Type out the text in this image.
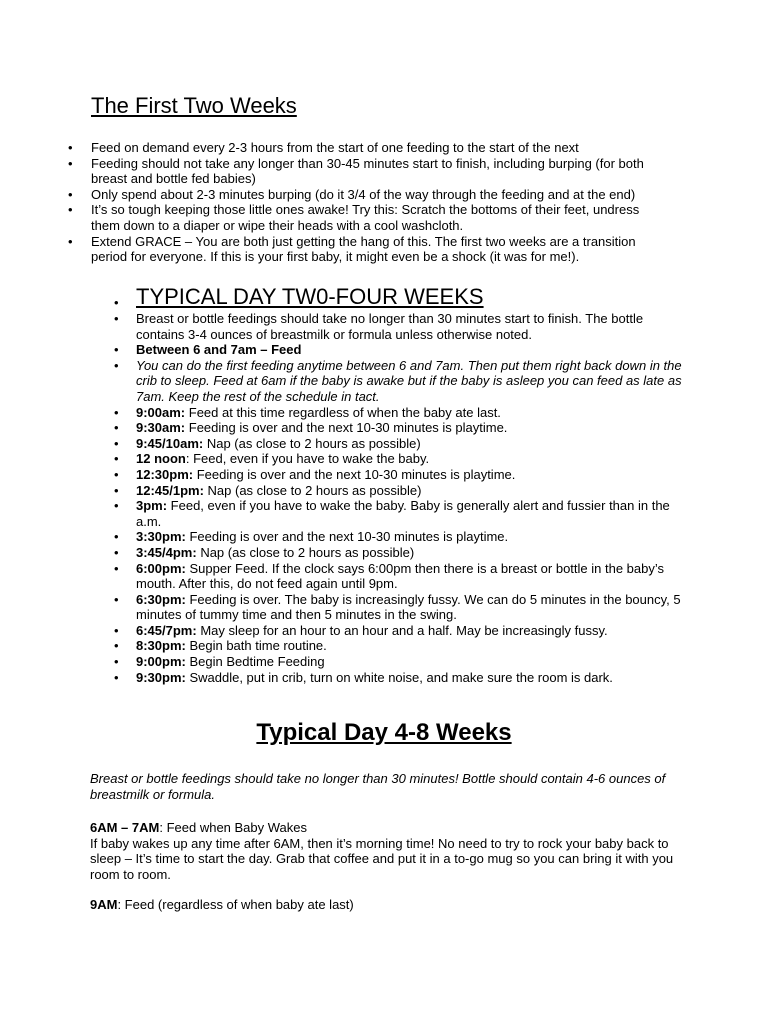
The First Two Weeks
• Feed on demand every 2-3 hours from the start of one feeding to the start of the next
• Feeding should not take any longer than 30-45 minutes start to finish, including burping (for both breast and bottle fed babies)
• Only spend about 2-3 minutes burping (do it 3/4 of the way through the feeding and at the end)
• It’s so tough keeping those little ones awake! Try this: Scratch the bottoms of their feet, undress them down to a diaper or wipe their heads with a cool washcloth.
• Extend GRACE – You are both just getting the hang of this. The first two weeks are a transition period for everyone. If this is your first baby, it might even be a shock (it was for me!).
• TYPICAL DAY TW0-FOUR WEEKS
• Breast or bottle feedings should take no longer than 30 minutes start to finish. The bottle contains 3-4 ounces of breastmilk or formula unless otherwise noted.
• Between 6 and 7am – Feed
• You can do the first feeding anytime between 6 and 7am. Then put them right back down in the crib to sleep. Feed at 6am if the baby is awake but if the baby is asleep you can feed as late as 7am. Keep the rest of the schedule in tact.
• 9:00am: Feed at this time regardless of when the baby ate last.
• 9:30am: Feeding is over and the next 10-30 minutes is playtime.
• 9:45/10am: Nap (as close to 2 hours as possible)
• 12 noon: Feed, even if you have to wake the baby.
• 12:30pm: Feeding is over and the next 10-30 minutes is playtime.
• 12:45/1pm: Nap (as close to 2 hours as possible)
• 3pm: Feed, even if you have to wake the baby. Baby is generally alert and fussier than in the a.m.
• 3:30pm: Feeding is over and the next 10-30 minutes is playtime.
• 3:45/4pm: Nap (as close to 2 hours as possible)
• 6:00pm: Supper Feed. If the clock says 6:00pm then there is a breast or bottle in the baby’s mouth. After this, do not feed again until 9pm.
• 6:30pm: Feeding is over. The baby is increasingly fussy. We can do 5 minutes in the bouncy, 5 minutes of tummy time and then 5 minutes in the swing.
• 6:45/7pm: May sleep for an hour to an hour and a half. May be increasingly fussy.
• 8:30pm: Begin bath time routine.
• 9:00pm: Begin Bedtime Feeding
• 9:30pm: Swaddle, put in crib, turn on white noise, and make sure the room is dark.
Typical Day 4-8 Weeks

Breast or bottle feedings should take no longer than 30 minutes! Bottle should contain 4-6 ounces of breastmilk or formula.

6AM – 7AM: Feed when Baby Wakes
If baby wakes up any time after 6AM, then it’s morning time! No need to try to rock your baby back to sleep – It’s time to start the day. Grab that coffee and put it in a to-go mug so you can bring it with you room to room.

9AM: Feed (regardless of when baby ate last)
